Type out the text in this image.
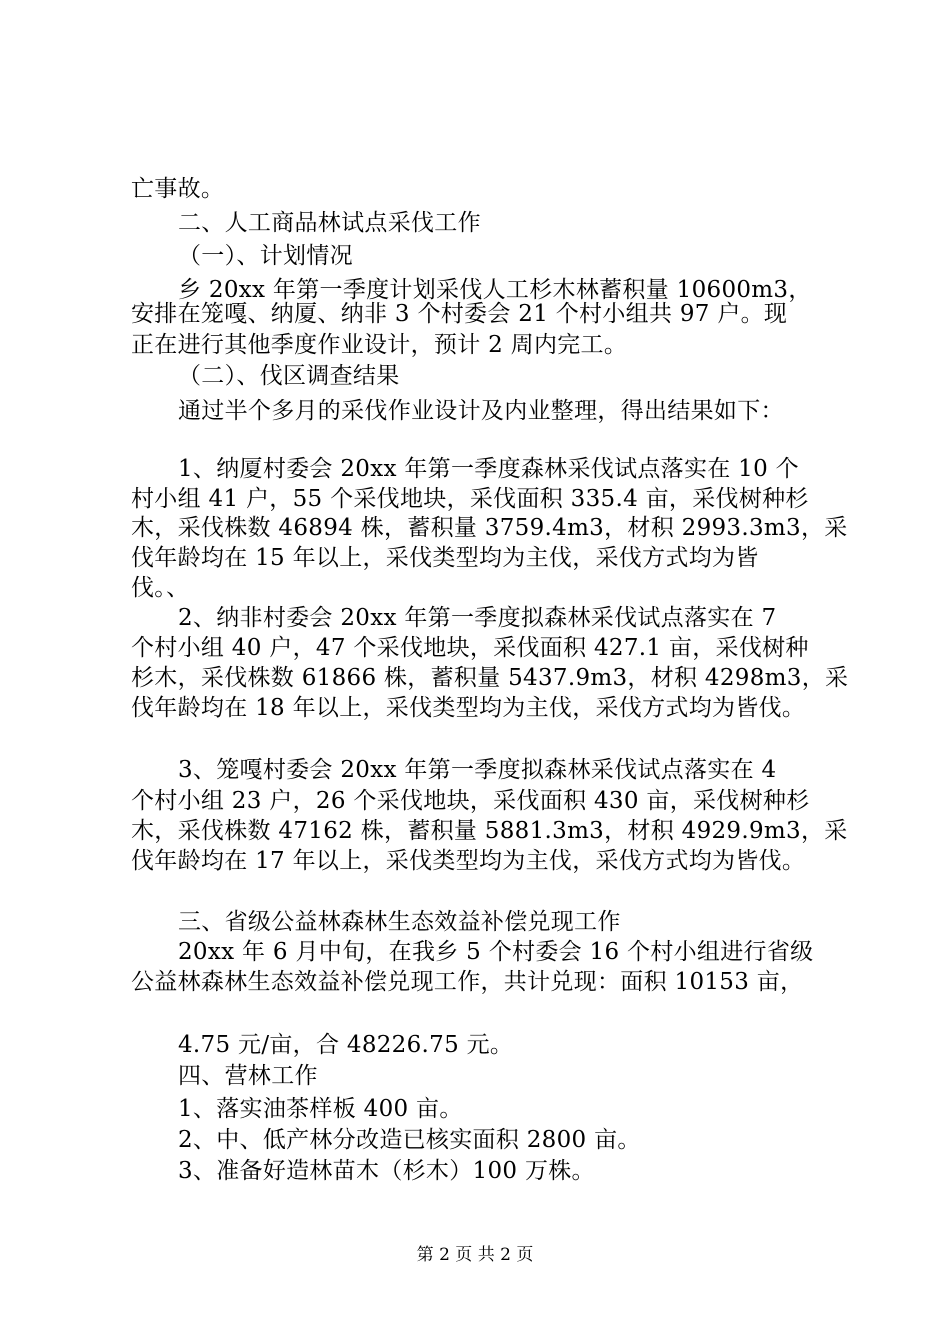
亡事故。
二、人工商品林试点采伐工作
（一）、计划情况
乡 20xx 年第一季度计划采伐人工杉木林蓄积量 10600m3，
安排在笼嘎、纳厦、纳非 3 个村委会 21 个村小组共 97 户。现
正在进行其他季度作业设计，预计 2 周内完工。
（二）、伐区调查结果
通过半个多月的采伐作业设计及内业整理，得出结果如下：
1、纳厦村委会 20xx 年第一季度森林采伐试点落实在 10 个
村小组 41 户，55 个采伐地块，采伐面积 335.4 亩，采伐树种杉
木，采伐株数 46894 株，蓄积量 3759.4m3，材积 2993.3m3，采
伐年龄均在 15 年以上，采伐类型均为主伐，采伐方式均为皆
伐。、
2、纳非村委会 20xx 年第一季度拟森林采伐试点落实在 7
个村小组 40 户，47 个采伐地块，采伐面积 427.1 亩，采伐树种
杉木，采伐株数 61866 株，蓄积量 5437.9m3，材积 4298m3，采
伐年龄均在 18 年以上，采伐类型均为主伐，采伐方式均为皆伐。
3、笼嘎村委会 20xx 年第一季度拟森林采伐试点落实在 4
个村小组 23 户，26 个采伐地块，采伐面积 430 亩，采伐树种杉
木，采伐株数 47162 株，蓄积量 5881.3m3，材积 4929.9m3，采
伐年龄均在 17 年以上，采伐类型均为主伐，采伐方式均为皆伐。
三、省级公益林森林生态效益补偿兑现工作
20xx 年 6 月中旬，在我乡 5 个村委会 16 个村小组进行省级
公益林森林生态效益补偿兑现工作，共计兑现：面积 10153 亩，
4.75 元/亩，合 48226.75 元。
四、营林工作
1、落实油茶样板 400 亩。
2、中、低产林分改造已核实面积 2800 亩。
3、准备好造林苗木（杉木）100 万株。
第 2 页 共 2 页
